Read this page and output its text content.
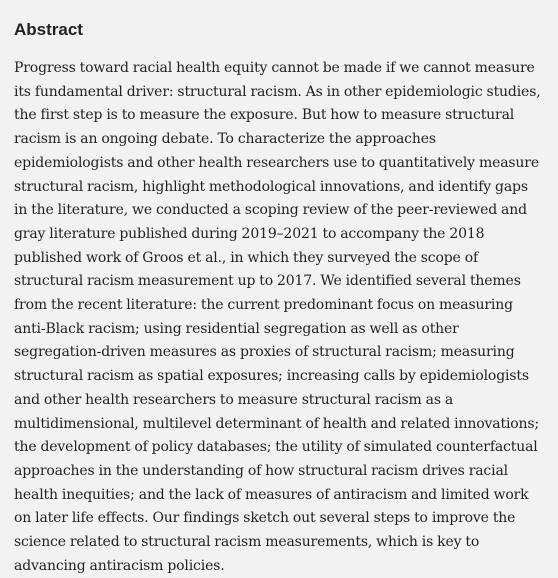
Abstract

Progress toward racial health equity cannot be made if we cannot measure its fundamental driver: structural racism. As in other epidemiologic studies, the first step is to measure the exposure. But how to measure structural racism is an ongoing debate. To characterize the approaches epidemiologists and other health researchers use to quantitatively measure structural racism, highlight methodological innovations, and identify gaps in the literature, we conducted a scoping review of the peer-reviewed and gray literature published during 2019–2021 to accompany the 2018 published work of Groos et al., in which they surveyed the scope of structural racism measurement up to 2017. We identified several themes from the recent literature: the current predominant focus on measuring anti-Black racism; using residential segregation as well as other segregation-driven measures as proxies of structural racism; measuring structural racism as spatial exposures; increasing calls by epidemiologists and other health researchers to measure structural racism as a multidimensional, multilevel determinant of health and related innovations; the development of policy databases; the utility of simulated counterfactual approaches in the understanding of how structural racism drives racial health inequities; and the lack of measures of antiracism and limited work on later life effects. Our findings sketch out several steps to improve the science related to structural racism measurements, which is key to advancing antiracism policies.
